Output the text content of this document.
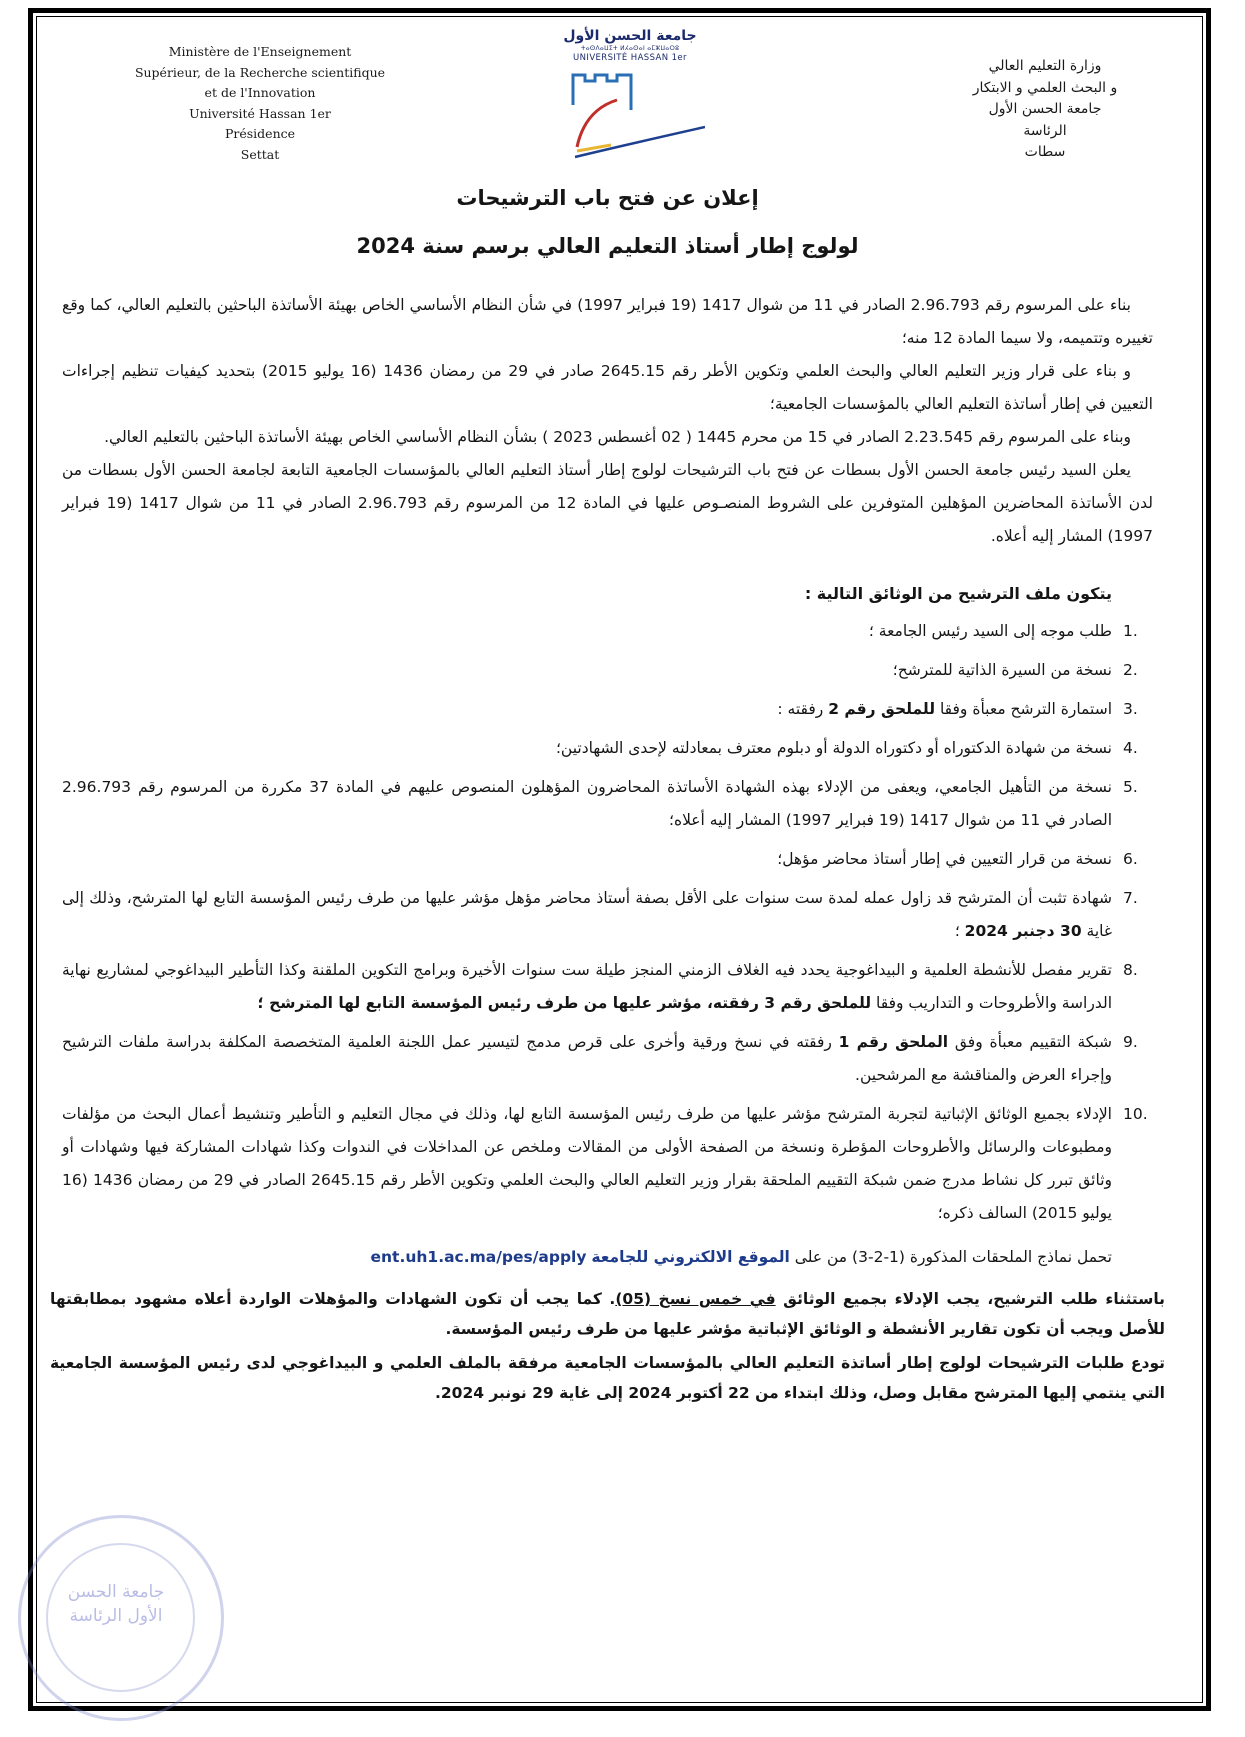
Ministère de l'Enseignement
Supérieur, de la Recherche scientifique
et de l'Innovation
Université Hassan 1er
Présidence
Settat
جامعة الحسن الأول
ⵜⴰⵙⴷⴰⵡⵉⵜ ⵍⵃⴰⵙⴰⵏ ⴰⵎⵣⵡⴰⵔⵓ
UNIVERSITÉ HASSAN 1er	وزارة التعليم العالي
و البحث العلمي و الابتكار
جامعة الحسن الأول
الرئاسة
سطات

إعلان عن فتح باب الترشيحات

لولوج إطار أستاذ التعليم العالي برسم سنة 2024

بناء على المرسوم رقم 2.96.793 الصادر في 11 من شوال 1417 (19 فبراير 1997) في شأن النظام الأساسي الخاص بهيئة الأساتذة الباحثين بالتعليم العالي، كما وقع تغييره وتتميمه، ولا سيما المادة 12 منه؛

و بناء على قرار وزير التعليم العالي والبحث العلمي وتكوين الأطر رقم 2645.15 صادر في 29 من رمضان 1436 (16 يوليو 2015) بتحديد كيفيات تنظيم إجراءات التعيين في إطار أساتذة التعليم العالي بالمؤسسات الجامعية؛

وبناء على المرسوم رقم 2.23.545 الصادر في 15 من محرم 1445 ( 02 أغسطس 2023 ) بشأن النظام الأساسي الخاص بهيئة الأساتذة الباحثين بالتعليم العالي.

يعلن السيد رئيس جامعة الحسن الأول بسطات عن فتح باب الترشيحات لولوج إطار أستاذ التعليم العالي بالمؤسسات الجامعية التابعة لجامعة الحسن الأول بسطات من لدن الأساتذة المحاضرين المؤهلين المتوفرين على الشروط المنصـوص عليها في المادة 12 من المرسوم رقم 2.96.793 الصادر في 11 من شوال 1417 (19 فبراير 1997) المشار إليه أعلاه.

يتكون ملف الترشيح من الوثائق التالية :
1.
طلب موجه إلى السيد رئيس الجامعة ؛
2.
نسخة من السيرة الذاتية للمترشح؛
3.
استمارة الترشح معبأة وفقا للملحق رقم 2 رفقته :
4.
نسخة من شهادة الدكتوراه أو دكتوراه الدولة أو دبلوم معترف بمعادلته لإحدى الشهادتين؛
5.
نسخة من التأهيل الجامعي، ويعفى من الإدلاء بهذه الشهادة الأساتذة المحاضرون المؤهلون المنصوص عليهم في المادة 37 مكررة من المرسوم رقم 2.96.793 الصادر في 11 من شوال 1417 (19 فبراير 1997) المشار إليه أعلاه؛
6.
نسخة من قرار التعيين في إطار أستاذ محاضر مؤهل؛
7.
شهادة تثبت أن المترشح قد زاول عمله لمدة ست سنوات على الأقل بصفة أستاذ محاضر مؤهل مؤشر عليها من طرف رئيس المؤسسة التابع لها المترشح، وذلك إلى غاية 30 دجنبر 2024 ؛
8.
تقرير مفصل للأنشطة العلمية و البيداغوجية يحدد فيه الغلاف الزمني المنجز طيلة ست سنوات الأخيرة وبرامج التكوين الملقنة وكذا التأطير البيداغوجي لمشاريع نهاية الدراسة والأطروحات و التداريب وفقا للملحق رقم 3 رفقته، مؤشر عليها من طرف رئيس المؤسسة التابع لها المترشح ؛
9.
شبكة التقييم معبأة وفق الملحق رقم 1 رفقته في نسخ ورقية وأخرى على قرص مدمج لتيسير عمل اللجنة العلمية المتخصصة المكلفة بدراسة ملفات الترشيح وإجراء العرض والمناقشة مع المرشحين.
10.
الإدلاء بجميع الوثائق الإثباتية لتجربة المترشح مؤشر عليها من طرف رئيس المؤسسة التابع لها، وذلك في مجال التعليم و التأطير وتنشيط أعمال البحث من مؤلفات ومطبوعات والرسائل والأطروحات المؤطرة ونسخة من الصفحة الأولى من المقالات وملخص عن المداخلات في الندوات وكذا شهادات المشاركة فيها وشهادات أو وثائق تبرر كل نشاط مدرج ضمن شبكة التقييم الملحقة بقرار وزير التعليم العالي والبحث العلمي وتكوين الأطر رقم 2645.15 الصادر في 29 من رمضان 1436 (16 يوليو 2015) السالف ذكره؛
تحمل نماذج الملحقات المذكورة (1-2-3) من على الموقع الالكتروني للجامعة ent.uh1.ac.ma/pes/apply
باستثناء طلب الترشيح، يجب الإدلاء بجميع الوثائق في خمس نسخ (05). كما يجب أن تكون الشهادات والمؤهلات الواردة أعلاه مشهود بمطابقتها للأصل ويجب أن تكون تقارير الأنشطة و الوثائق الإثباتية مؤشر عليها من طرف رئيس المؤسسة.
تودع طلبات الترشيحات لولوج إطار أساتذة التعليم العالي بالمؤسسات الجامعية مرفقة بالملف العلمي و البيداغوجي لدى رئيس المؤسسة الجامعية التي ينتمي إليها المترشح مقابل وصل، وذلك ابتداء من 22 أكتوبر 2024 إلى غاية 29 نونبر 2024.
جامعة الحسن الأول الرئاسة
